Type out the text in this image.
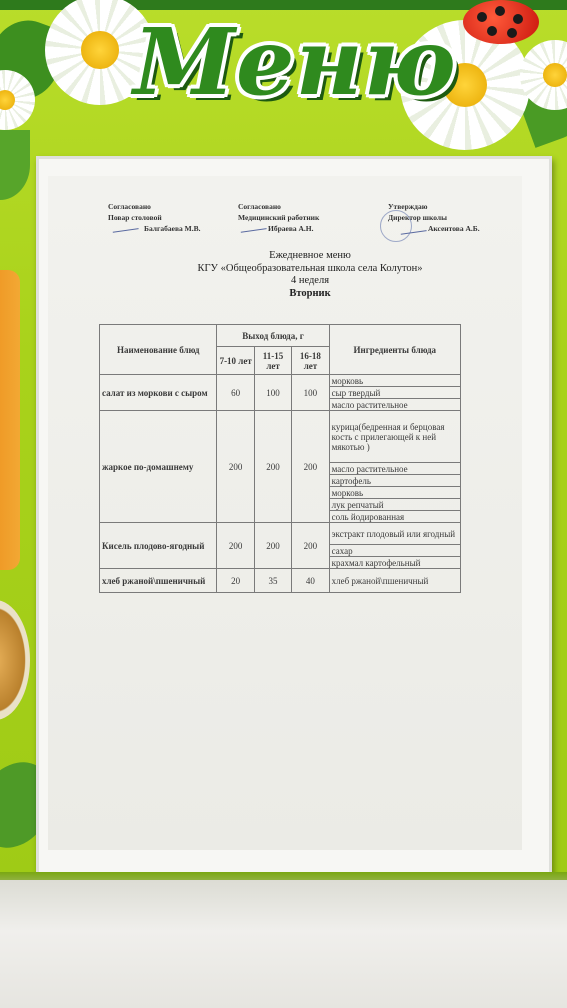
Меню
Согласовано
Повар столовой
Балгабаева М.В.
Согласовано
Медицинский работник
Ибраева А.Н.
Утверждаю
Директор школы
Аксентова А.Б.
Ежедневное меню
КГУ «Общеобразовательная школа села Колутон»
4 неделя
Вторник
Наименование блюд	Выход блюда, г			Ингредиенты блюда
	7-10 лет	11-15 лет	16-18 лет	
салат из моркови с сыром	60	100	100	морковь
				сыр твердый
				масло растительное
жаркое по-домашнему	200	200	200	курица(бедренная и берцовая кость с прилегающей к ней мякотью )
				масло растительное
				картофель
				морковь
				лук репчатый
				соль йодированная
Кисель плодово-ягодный	200	200	200	экстракт плодовый или ягодный
				сахар
				крахмал картофельный
хлеб ржаной\пшеничный	20	35	40	хлеб ржаной\пшеничный
